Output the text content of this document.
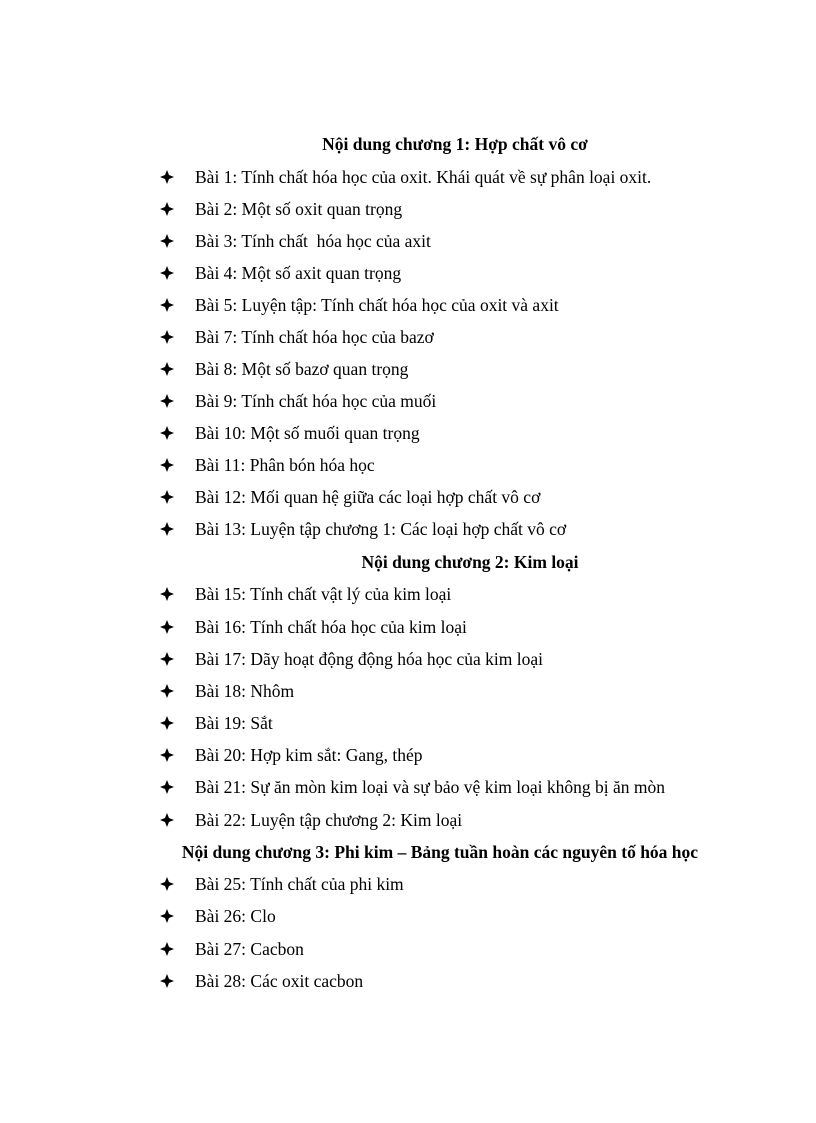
Nội dung chương 1: Hợp chất vô cơ
Bài 1: Tính chất hóa học của oxit. Khái quát về sự phân loại oxit.
Bài 2: Một số oxit quan trọng
Bài 3: Tính chất  hóa học của axit
Bài 4: Một số axit quan trọng
Bài 5: Luyện tập: Tính chất hóa học của oxit và axit
Bài 7: Tính chất hóa học của bazơ
Bài 8: Một số bazơ quan trọng
Bài 9: Tính chất hóa học của muối
Bài 10: Một số muối quan trọng
Bài 11: Phân bón hóa học
Bài 12: Mối quan hệ giữa các loại hợp chất vô cơ
Bài 13: Luyện tập chương 1: Các loại hợp chất vô cơ
Nội dung chương 2: Kim loại
Bài 15: Tính chất vật lý của kim loại
Bài 16: Tính chất hóa học của kim loại
Bài 17: Dãy hoạt động động hóa học của kim loại
Bài 18: Nhôm
Bài 19: Sắt
Bài 20: Hợp kim sắt: Gang, thép
Bài 21: Sự ăn mòn kim loại và sự bảo vệ kim loại không bị ăn mòn
Bài 22: Luyện tập chương 2: Kim loại
Nội dung chương 3: Phi kim – Bảng tuần hoàn các nguyên tố hóa học
Bài 25: Tính chất của phi kim
Bài 26: Clo
Bài 27: Cacbon
Bài 28: Các oxit cacbon
